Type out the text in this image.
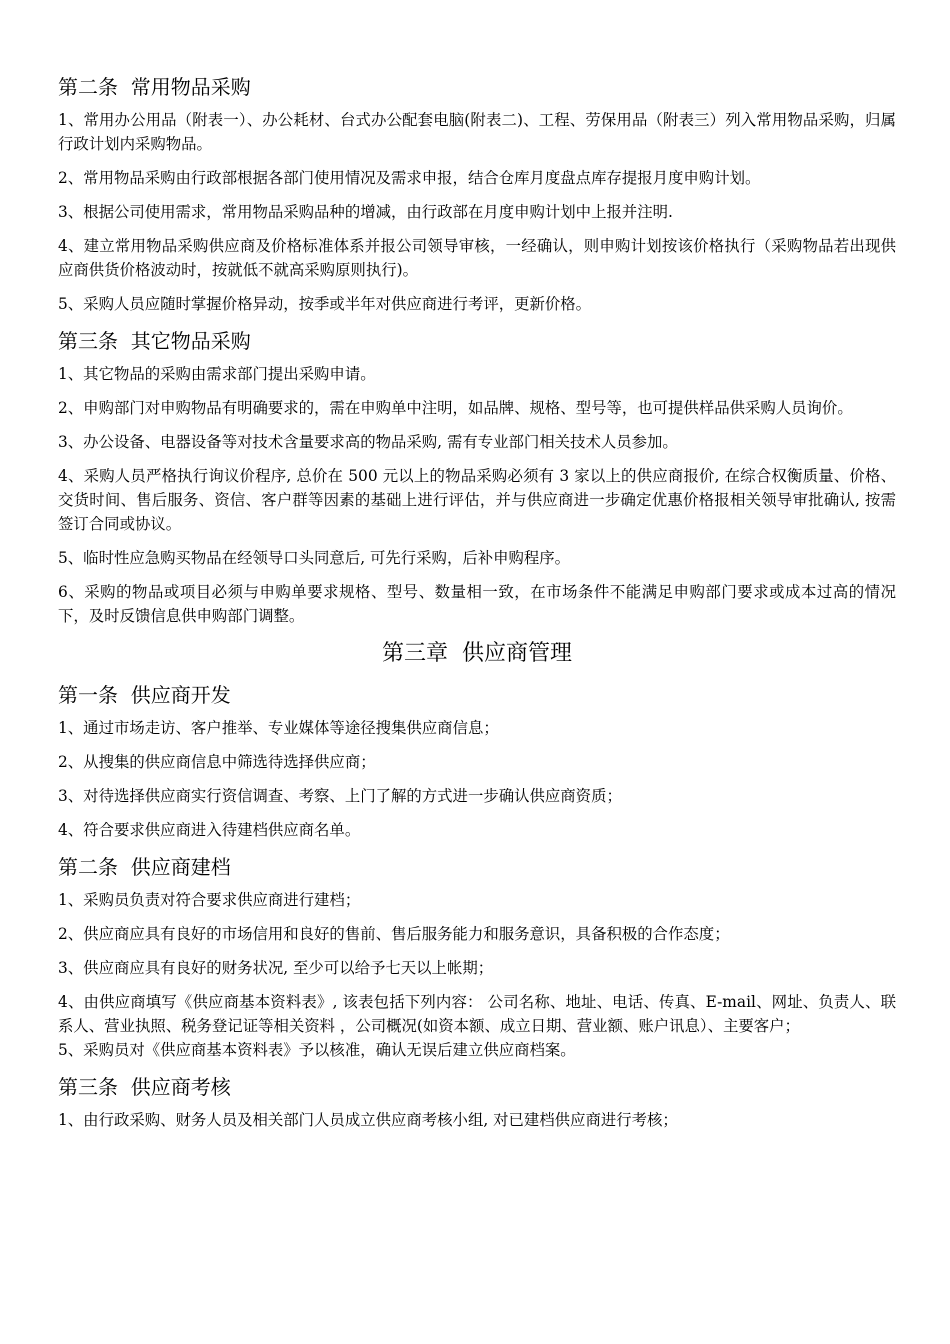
第二条  常用物品采购

1、常用办公用品（附表一）、办公耗材、台式办公配套电脑(附表二)、工程、劳保用品（附表三）列入常用物品采购，归属行政计划内采购物品。

2、常用物品采购由行政部根据各部门使用情况及需求申报，结合仓库月度盘点库存提报月度申购计划。

3、根据公司使用需求，常用物品采购品种的增减，由行政部在月度申购计划中上报并注明.

4、建立常用物品采购供应商及价格标准体系并报公司领导审核，一经确认，则申购计划按该价格执行（采购物品若出现供应商供货价格波动时，按就低不就高采购原则执行)。

5、采购人员应随时掌握价格异动，按季或半年对供应商进行考评，更新价格。

第三条  其它物品采购

1、其它物品的采购由需求部门提出采购申请。

2、申购部门对申购物品有明确要求的，需在申购单中注明，如品牌、规格、型号等，也可提供样品供采购人员询价。

3、办公设备、电器设备等对技术含量要求高的物品采购, 需有专业部门相关技术人员参加。

4、采购人员严格执行询议价程序, 总价在 500 元以上的物品采购必须有 3 家以上的供应商报价, 在综合权衡质量、价格、交货时间、售后服务、资信、客户群等因素的基础上进行评估，并与供应商进一步确定优惠价格报相关领导审批确认, 按需签订合同或协议。

5、临时性应急购买物品在经领导口头同意后, 可先行采购，后补申购程序。

6、采购的物品或项目必须与申购单要求规格、型号、数量相一致，在市场条件不能满足申购部门要求或成本过高的情况下，及时反馈信息供申购部门调整。

第三章  供应商管理
第一条  供应商开发

1、通过市场走访、客户推举、专业媒体等途径搜集供应商信息；

2、从搜集的供应商信息中筛选待选择供应商；

3、对待选择供应商实行资信调查、考察、上门了解的方式进一步确认供应商资质；

4、符合要求供应商进入待建档供应商名单。

第二条  供应商建档

1、采购员负责对符合要求供应商进行建档；

2、供应商应具有良好的市场信用和良好的售前、售后服务能力和服务意识，具备积极的合作态度；

3、供应商应具有良好的财务状况, 至少可以给予七天以上帐期；

4、由供应商填写《供应商基本资料表》, 该表包括下列内容： 公司名称、地址、电话、传真、E-mail、网址、负责人、联系人、营业执照、税务登记证等相关资料 ，公司概况(如资本额、成立日期、营业额、账户讯息）、主要客户；

5、采购员对《供应商基本资料表》予以核准，确认无误后建立供应商档案。

第三条  供应商考核

1、由行政采购、财务人员及相关部门人员成立供应商考核小组, 对已建档供应商进行考核；
